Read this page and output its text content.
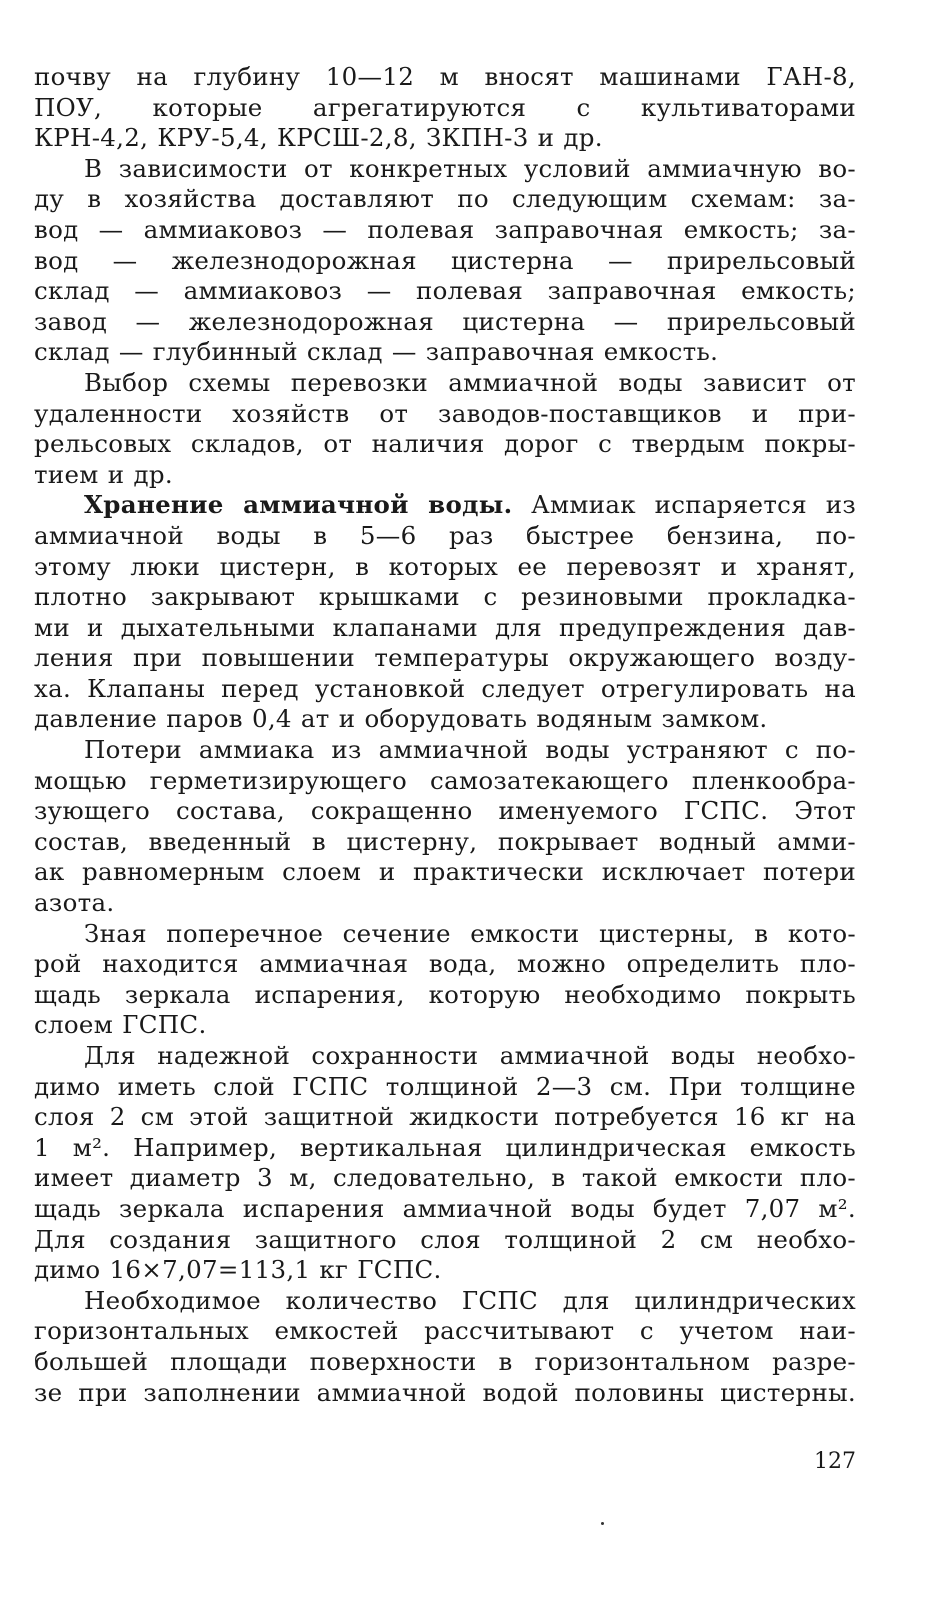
почву на глубину 10—12 м вносят машинами ГАН-8,
ПОУ, которые агрегатируются с культиваторами
КРН-4,2, КРУ-5,4, КРСШ-2,8, ЗКПН-3 и др.
В зависимости от конкретных условий аммиачную во-
ду в хозяйства доставляют по следующим схемам: за-
вод — аммиаковоз — полевая заправочная емкость; за-
вод — железнодорожная цистерна — прирельсовый
склад — аммиаковоз — полевая заправочная емкость;
завод — железнодорожная цистерна — прирельсовый
склад — глубинный склад — заправочная емкость.
Выбор схемы перевозки аммиачной воды зависит от
удаленности хозяйств от заводов-поставщиков и при-
рельсовых складов, от наличия дорог с твердым покры-
тием и др.
Хранение аммиачной воды. Аммиак испаряется из
аммиачной воды в 5—6 раз быстрее бензина, по-
этому люки цистерн, в которых ее перевозят и хранят,
плотно закрывают крышками с резиновыми прокладка-
ми и дыхательными клапанами для предупреждения дав-
ления при повышении температуры окружающего возду-
ха. Клапаны перед установкой следует отрегулировать на
давление паров 0,4 ат и оборудовать водяным замком.
Потери аммиака из аммиачной воды устраняют с по-
мощью герметизирующего самозатекающего пленкообра-
зующего состава, сокращенно именуемого ГСПС. Этот
состав, введенный в цистерну, покрывает водный амми-
ак равномерным слоем и практически исключает потери
азота.
Зная поперечное сечение емкости цистерны, в кото-
рой находится аммиачная вода, можно определить пло-
щадь зеркала испарения, которую необходимо покрыть
слоем ГСПС.
Для надежной сохранности аммиачной воды необхо-
димо иметь слой ГСПС толщиной 2—3 см. При толщине
слоя 2 см этой защитной жидкости потребуется 16 кг на
1 м². Например, вертикальная цилиндрическая емкость
имеет диаметр 3 м, следовательно, в такой емкости пло-
щадь зеркала испарения аммиачной воды будет 7,07 м².
Для создания защитного слоя толщиной 2 см необхо-
димо 16×7,07=113,1 кг ГСПС.
Необходимое количество ГСПС для цилиндрических
горизонтальных емкостей рассчитывают с учетом наи-
большей площади поверхности в горизонтальном разре-
зе при заполнении аммиачной водой половины цистерны.
127
